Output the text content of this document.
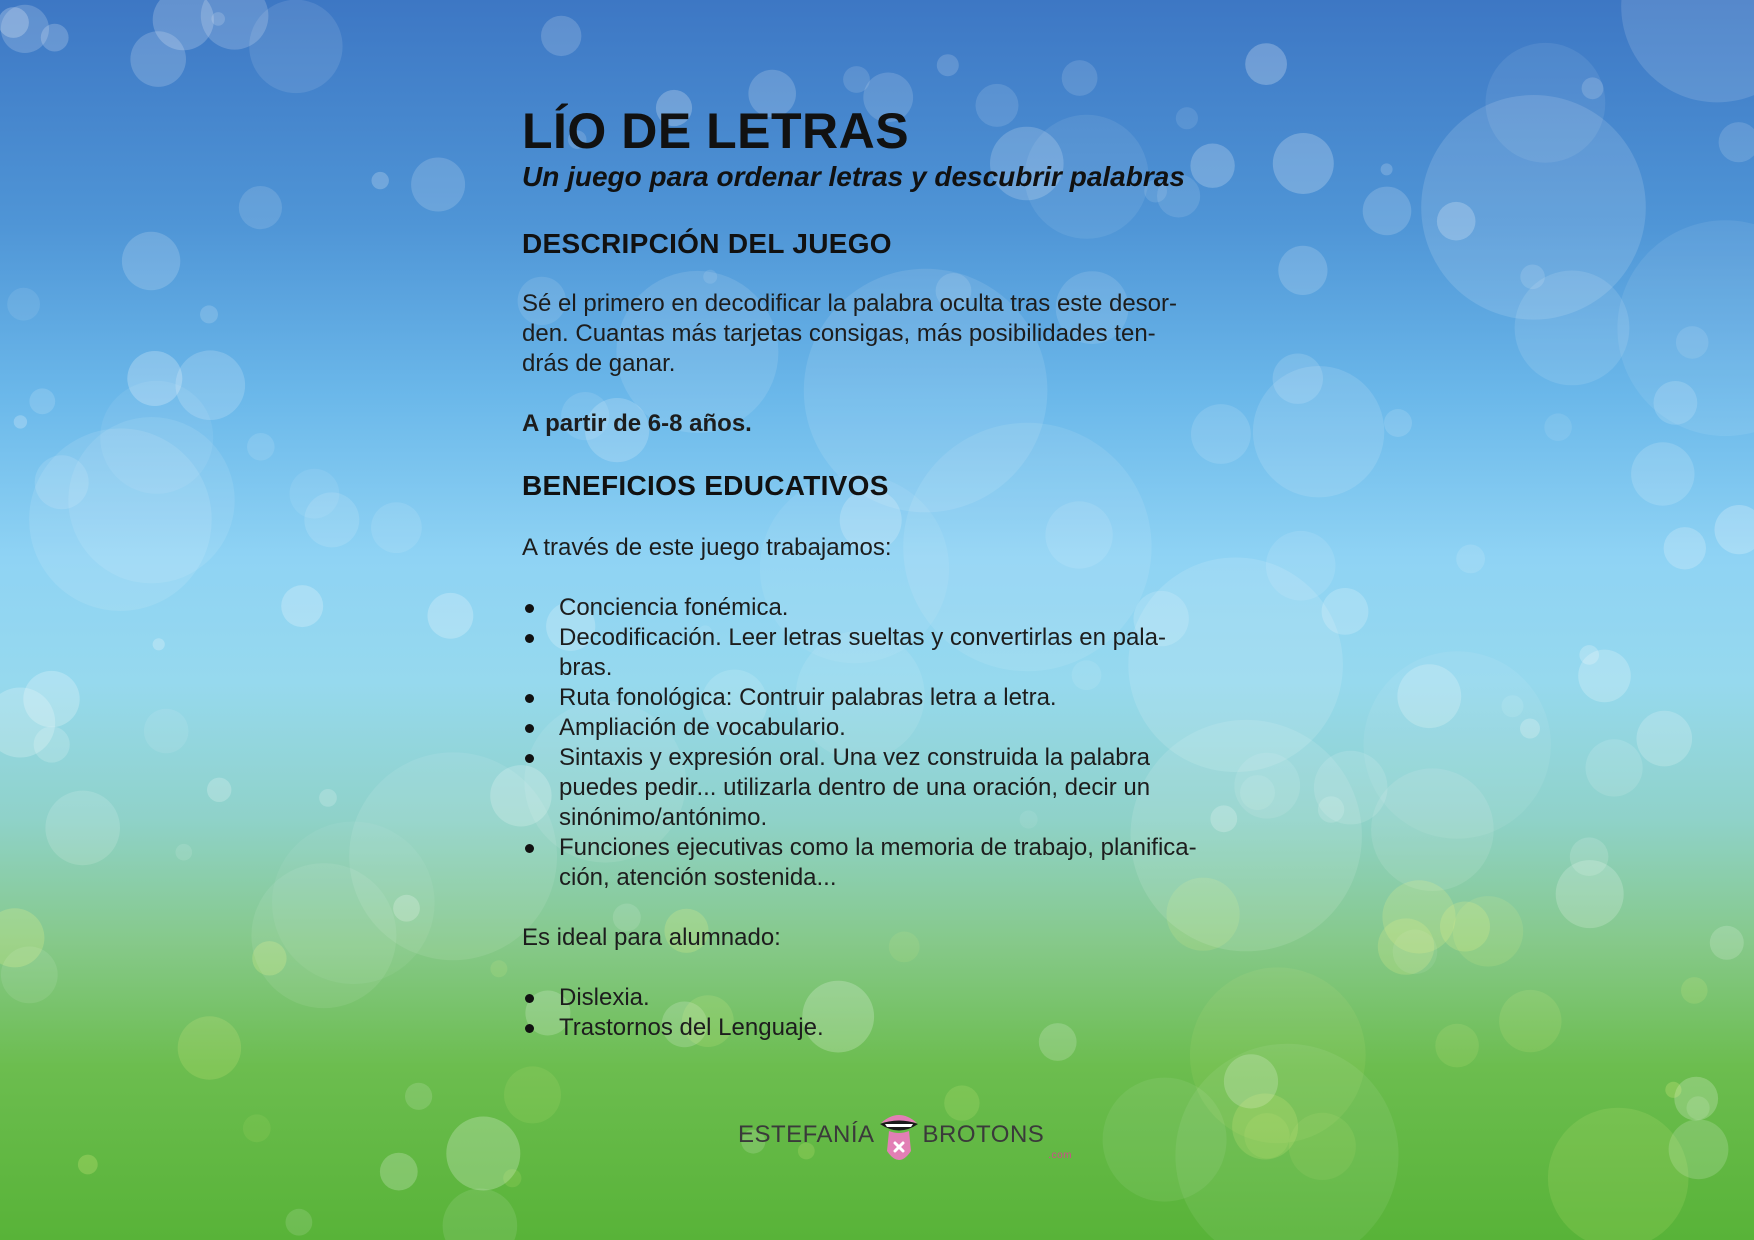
LÍO DE LETRAS

Un juego para ordenar letras y descubrir palabras

DESCRIPCIÓN DEL JUEGO

Sé el primero en decodificar la palabra oculta tras este desor-

den. Cuantas más tarjetas consigas, más posibilidades ten-

drás de ganar.

A partir de 6-8 años.

BENEFICIOS EDUCATIVOS

A través de este juego trabajamos:

Conciencia fonémica.
Decodificación. Leer letras sueltas y convertirlas en pala-
bras.
Ruta fonológica: Contruir palabras letra a letra.
Ampliación de vocabulario.
Sintaxis y expresión oral. Una vez construida la palabra
puedes pedir... utilizarla dentro de una oración, decir un
sinónimo/antónimo.
Funciones ejecutivas como la memoria de trabajo, planifica-
ción, atención sostenida...

Es ideal para alumnado:

Dislexia.
Trastornos del Lenguaje.
ESTEFANÍA BROTONS
.com
